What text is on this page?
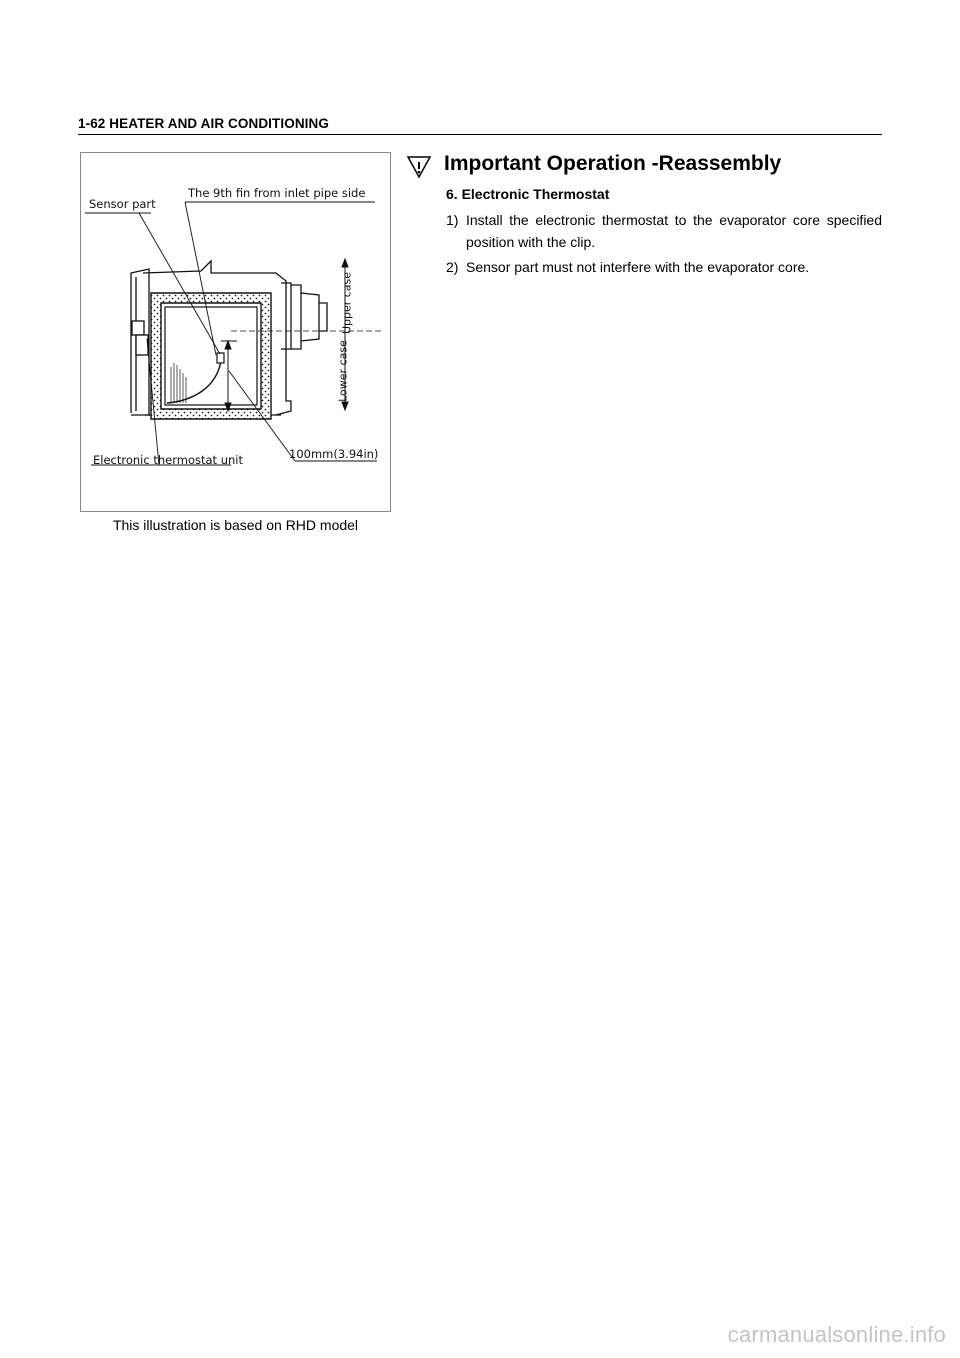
1-62 HEATER AND AIR CONDITIONING
Sensor part
The 9th fin from inlet pipe side
Upper case
Lower case
Electronic thermostat unit	100mm(3.94in)
This illustration is based on RHD model
Important Operation -Reassembly
6. Electronic Thermostat
1) Install the electronic thermostat to the evaporator core specified position with the clip.
2) Sensor part must not interfere with the evaporator core.
carmanualsonline.info
